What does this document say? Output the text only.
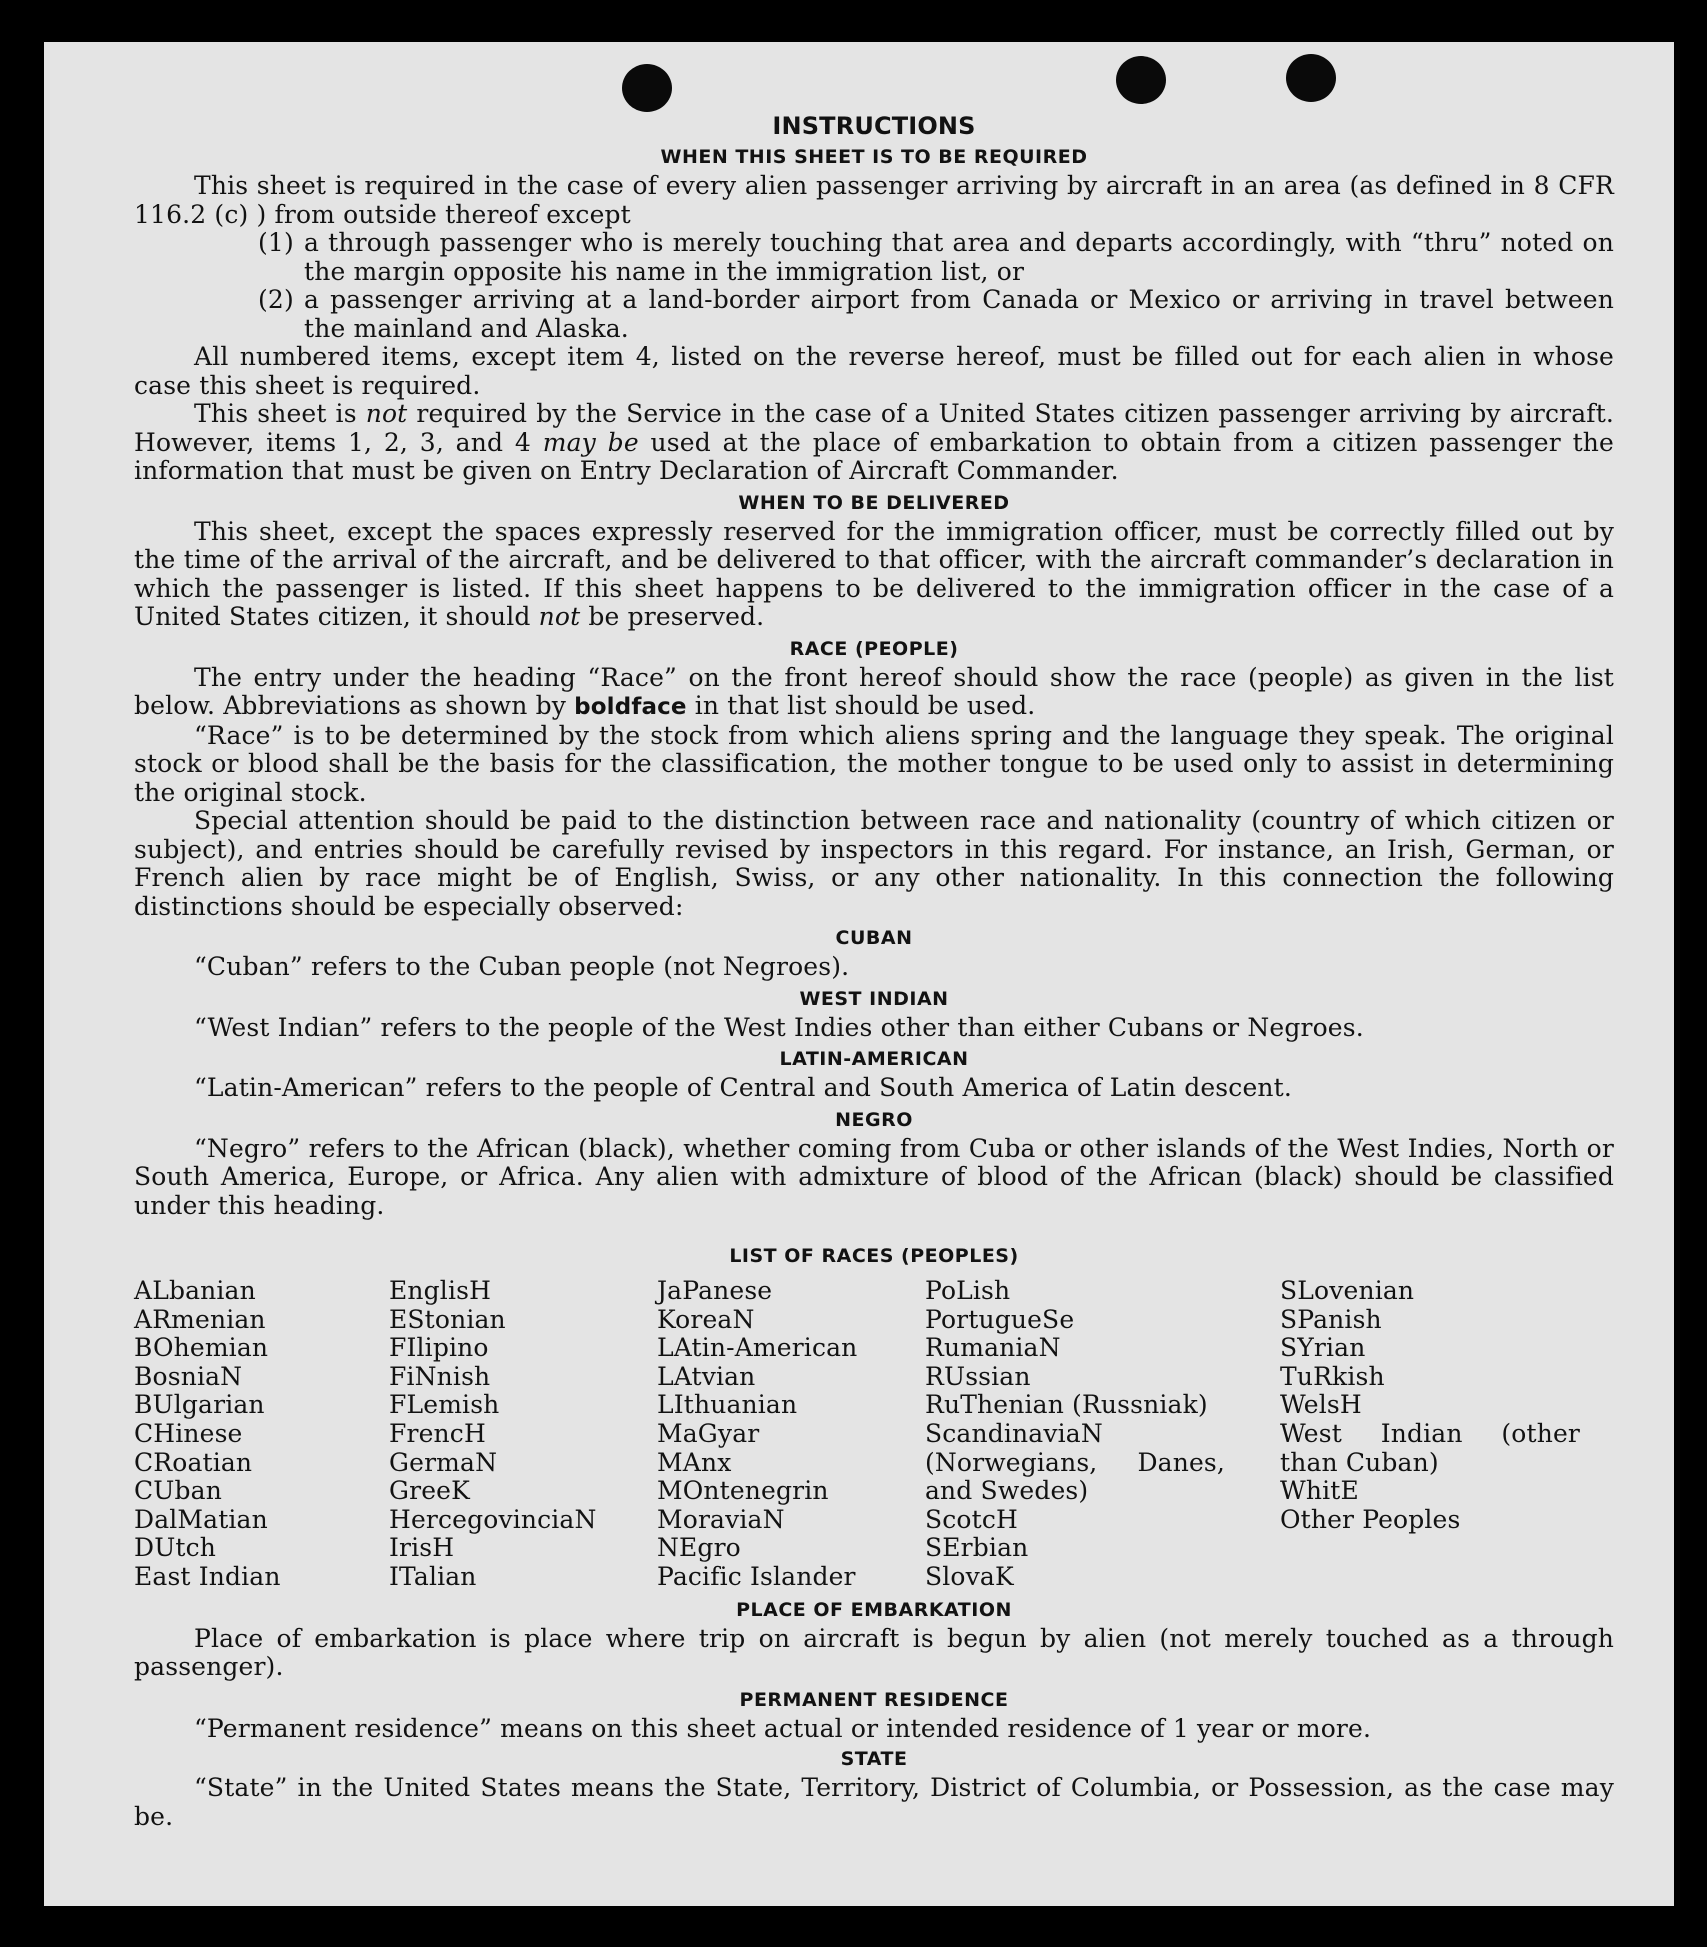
INSTRUCTIONS
WHEN THIS SHEET IS TO BE REQUIRED

This sheet is required in the case of every alien passenger arriving by aircraft in an area (as defined in 8 CFR 116.2 (c) ) from outside thereof except

(1) a through passenger who is merely touching that area and departs accordingly, with “thru” noted on the margin opposite his name in the immigration list, or
(2) a passenger arriving at a land-border airport from Canada or Mexico or arriving in travel between the mainland and Alaska.

All numbered items, except item 4, listed on the reverse hereof, must be filled out for each alien in whose case this sheet is required.

This sheet is not required by the Service in the case of a United States citizen passenger arriving by aircraft. However, items 1, 2, 3, and 4 may be used at the place of embarkation to obtain from a citizen passenger the information that must be given on Entry Declaration of Aircraft Commander.

WHEN TO BE DELIVERED

This sheet, except the spaces expressly reserved for the immigration officer, must be correctly filled out by the time of the arrival of the aircraft, and be delivered to that officer, with the aircraft commander’s declaration in which the passenger is listed. If this sheet happens to be delivered to the immigration officer in the case of a United States citizen, it should not be preserved.

RACE (PEOPLE)

The entry under the heading “Race” on the front hereof should show the race (people) as given in the list below. Abbreviations as shown by boldface in that list should be used.

“Race” is to be determined by the stock from which aliens spring and the language they speak. The original stock or blood shall be the basis for the classification, the mother tongue to be used only to assist in determining the original stock.

Special attention should be paid to the distinction between race and nationality (country of which citizen or subject), and entries should be carefully revised by inspectors in this regard. For instance, an Irish, German, or French alien by race might be of English, Swiss, or any other nationality. In this connection the following distinctions should be especially observed:

CUBAN

“Cuban” refers to the Cuban people (not Negroes).

WEST INDIAN

“West Indian” refers to the people of the West Indies other than either Cubans or Negroes.

LATIN-AMERICAN

“Latin-American” refers to the people of Central and South America of Latin descent.

NEGRO

“Negro” refers to the African (black), whether coming from Cuba or other islands of the West Indies, North or South America, Europe, or Africa. Any alien with admixture of blood of the African (black) should be classified under this heading.

LIST OF RACES (PEOPLES)
ALbanian
ARmenian
BOhemian
BosniaN
BUlgarian
CHinese
CRoatian
CUban
DalMatian
DUtch
East Indian
EnglisH
EStonian
FIlipino
FiNnish
FLemish
FrencH
GermaN
GreeK
HercegovinciaN
IrisH
ITalian
JaPanese
KoreaN
LAtin-American
LAtvian
LIthuanian
MaGyar
MAnx
MOntenegrin
MoraviaN
NEgro
Pacific Islander
PoLish
PortugueSe
RumaniaN
RUssian
RuThenian (Russniak)
ScandinaviaN (Norwegians, Danes, and Swedes)
ScotcH
SErbian
SlovaK
SLovenian
SPanish
SYrian
TuRkish
WelsH
West Indian (other than Cuban)
WhitE
Other Peoples
PLACE OF EMBARKATION

Place of embarkation is place where trip on aircraft is begun by alien (not merely touched as a through passenger).

PERMANENT RESIDENCE

“Permanent residence” means on this sheet actual or intended residence of 1 year or more.

STATE

“State” in the United States means the State, Territory, District of Columbia, or Possession, as the case may be.
